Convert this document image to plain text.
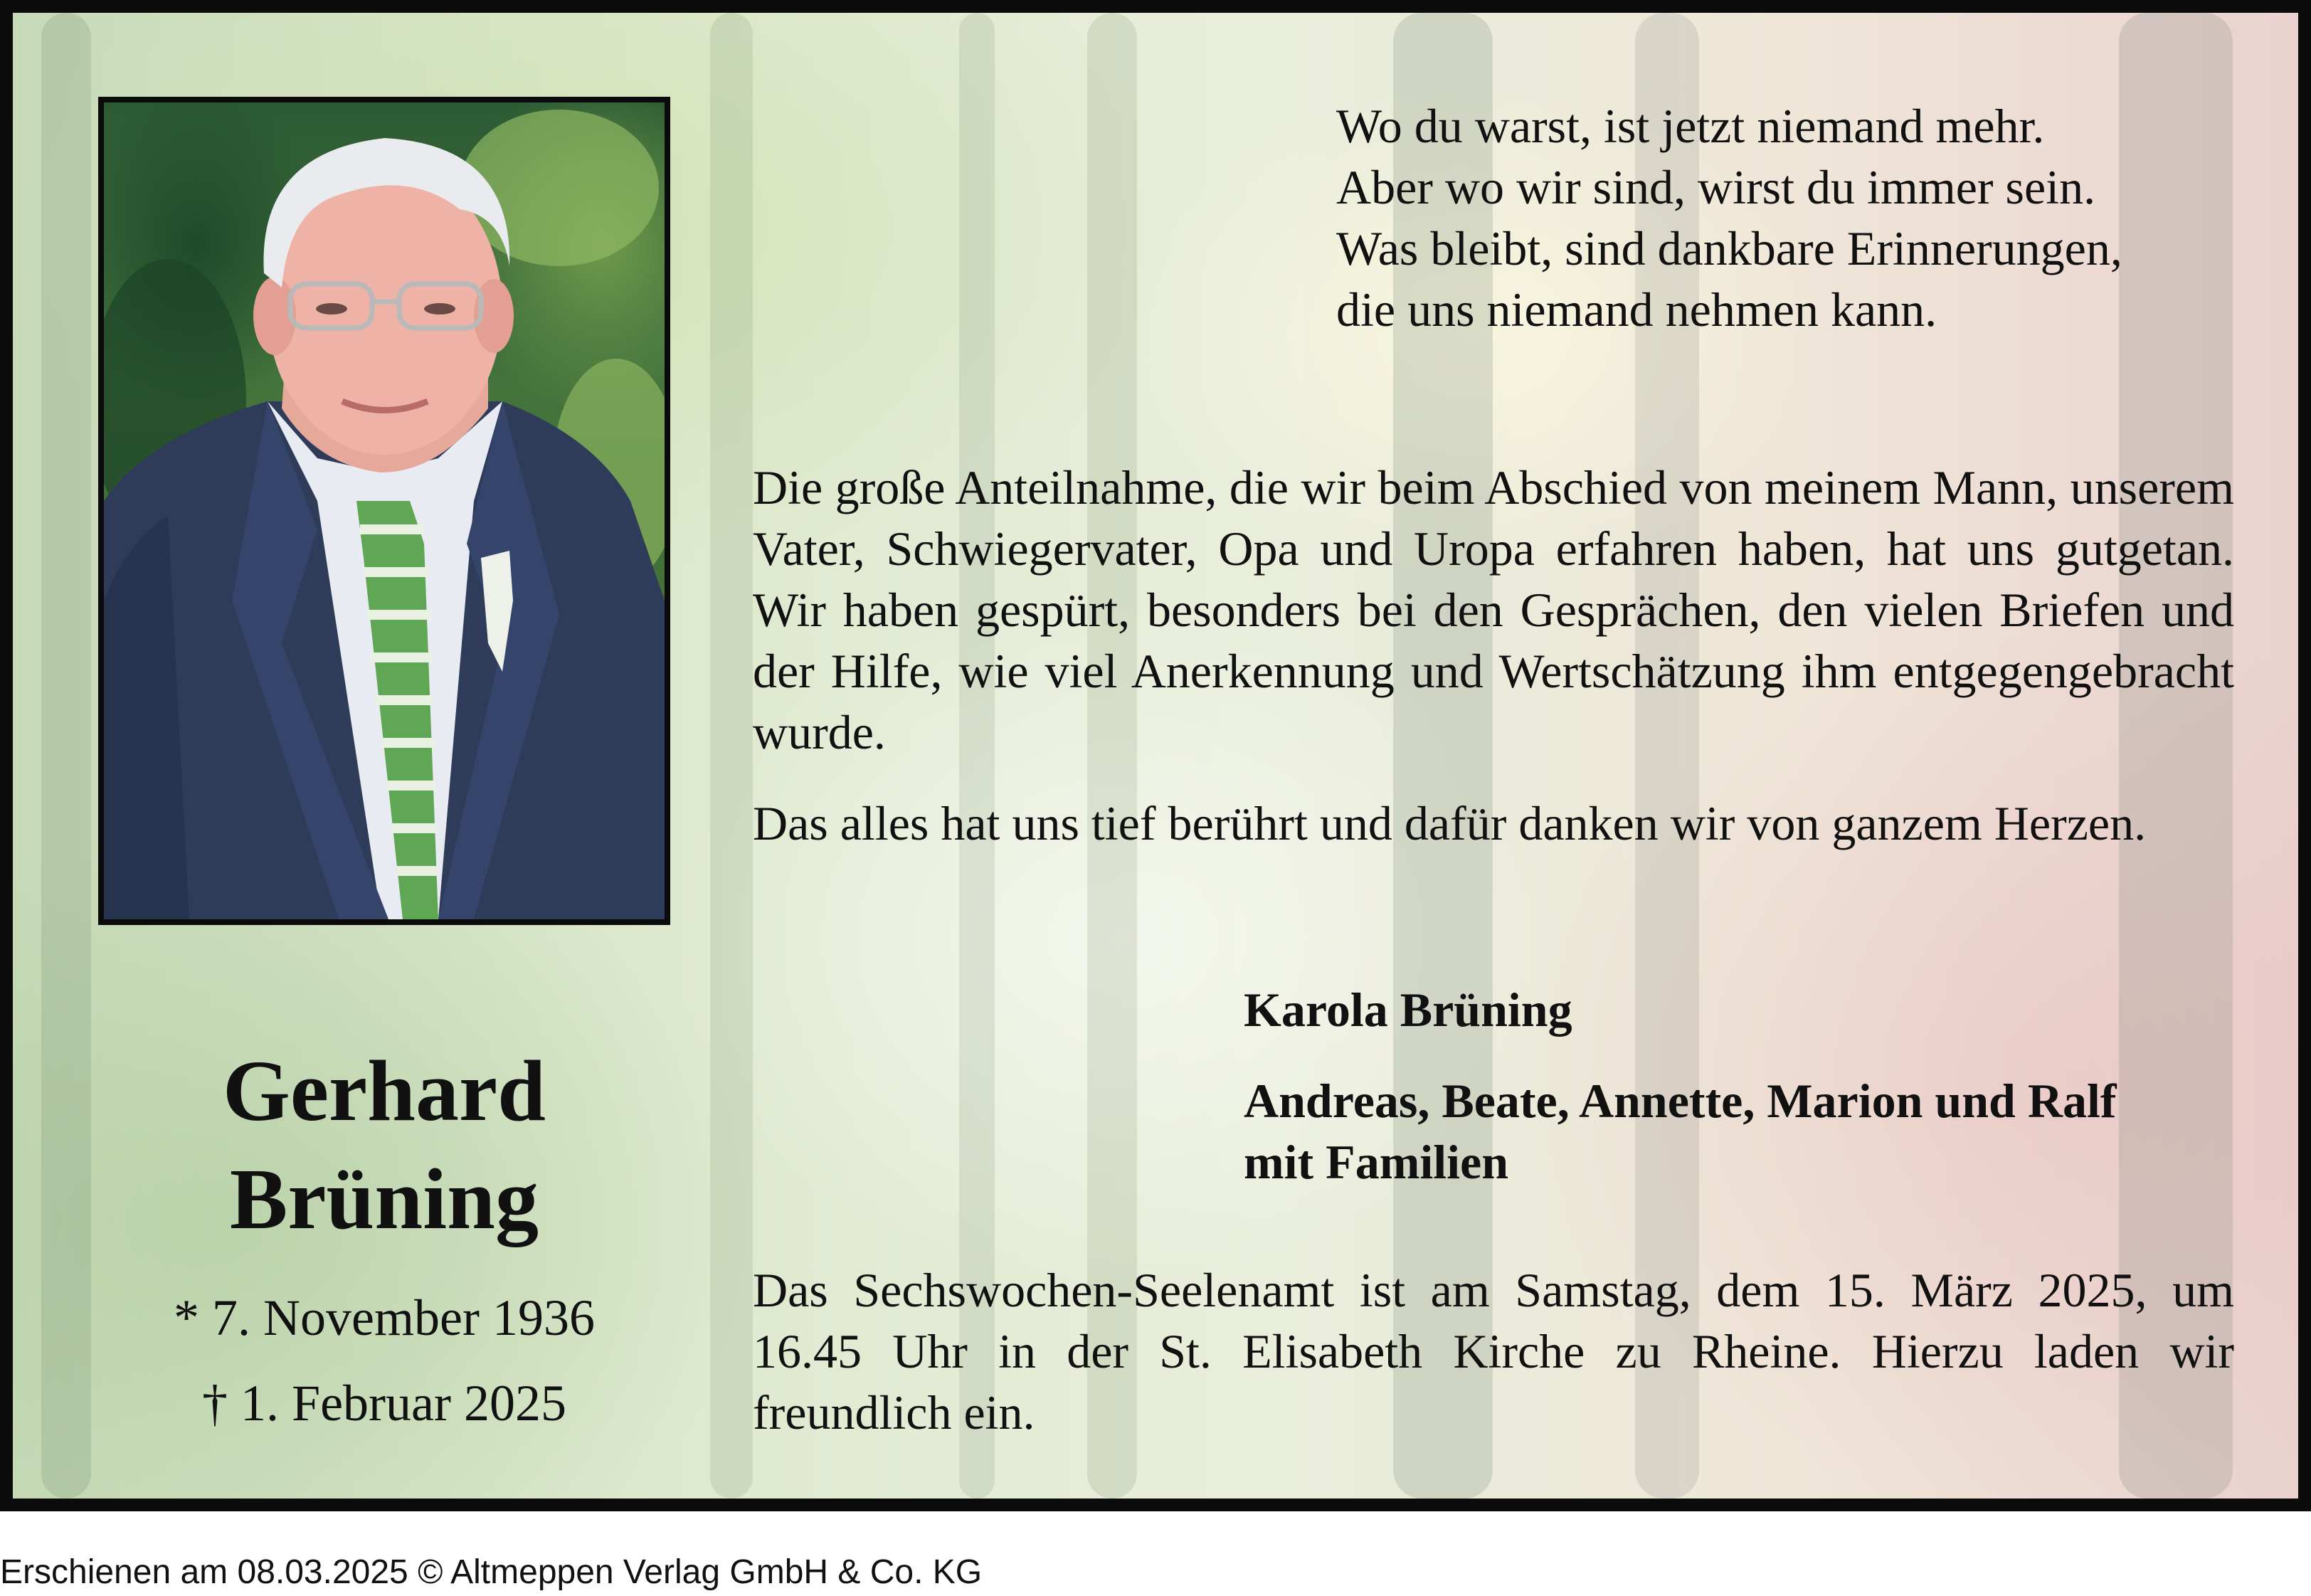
Wo du warst, ist jetzt niemand mehr.
Aber wo wir sind, wirst du immer sein.
Was bleibt, sind dankbare Erinnerungen,
die uns niemand nehmen kann.

Die große Anteilnahme, die wir beim Abschied von meinem Mann, unserem Vater, Schwiegervater, Opa und Uropa erfahren haben, hat uns gutgetan. Wir haben gespürt, besonders bei den Gesprächen, den vielen Briefen und der Hilfe, wie viel Anerkennung und Wertschätzung ihm entgegengebracht wurde.

Das alles hat uns tief berührt und dafür danken wir von ganzem Herzen.

Gerhard
Brüning
* 7. November 1936
† 1. Februar 2025
Karola Brüning
Andreas, Beate, Annette, Marion und Ralf
mit Familien

Das Sechswochen-Seelenamt ist am Samstag, dem 15. März 2025, um 16.45 Uhr in der St. Elisabeth Kirche zu Rheine. Hierzu laden wir freundlich ein.

Erschienen am 08.03.2025 © Altmeppen Verlag GmbH & Co. KG
